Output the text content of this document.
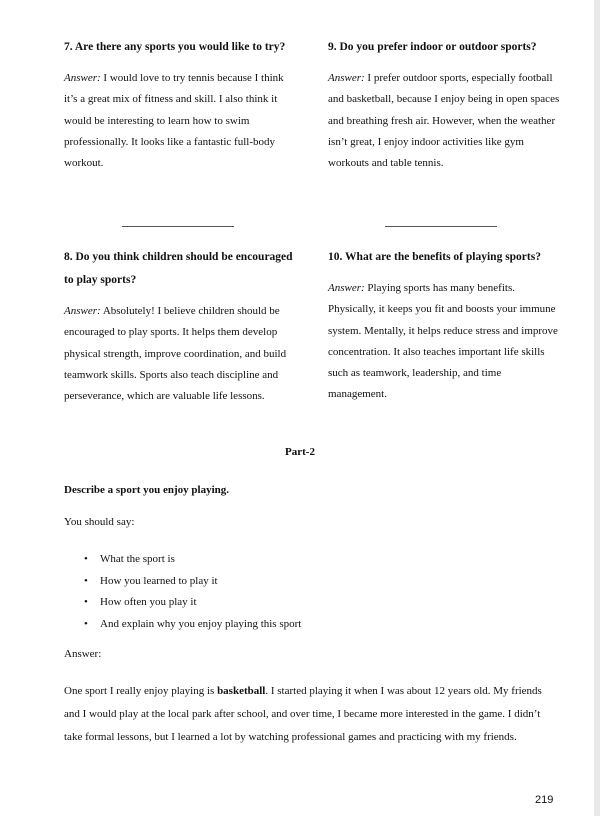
7. Are there any sports you would like to try?

Answer: I would love to try tennis because I think it’s a great mix of fitness and skill. I also think it would be interesting to learn how to swim professionally. It looks like a fantastic full-body workout.

8. Do you think children should be encouraged to play sports?

Answer: Absolutely! I believe children should be encouraged to play sports. It helps them develop physical strength, improve coordination, and build teamwork skills. Sports also teach discipline and perseverance, which are valuable life lessons.

9. Do you prefer indoor or outdoor sports?

Answer: I prefer outdoor sports, especially football and basketball, because I enjoy being in open spaces and breathing fresh air. However, when the weather isn’t great, I enjoy indoor activities like gym workouts and table tennis.

10. What are the benefits of playing sports?

Answer: Playing sports has many benefits. Physically, it keeps you fit and boosts your immune system. Mentally, it helps reduce stress and improve concentration. It also teaches important life skills such as teamwork, leadership, and time management.

Part-2
Describe a sport you enjoy playing.
You should say:
• What the sport is
• How you learned to play it
• How often you play it
• And explain why you enjoy playing this sport
Answer:

One sport I really enjoy playing is basketball. I started playing it when I was about 12 years old. My friends and I would play at the local park after school, and over time, I became more interested in the game. I didn’t take formal lessons, but I learned a lot by watching professional games and practicing with my friends.

219
